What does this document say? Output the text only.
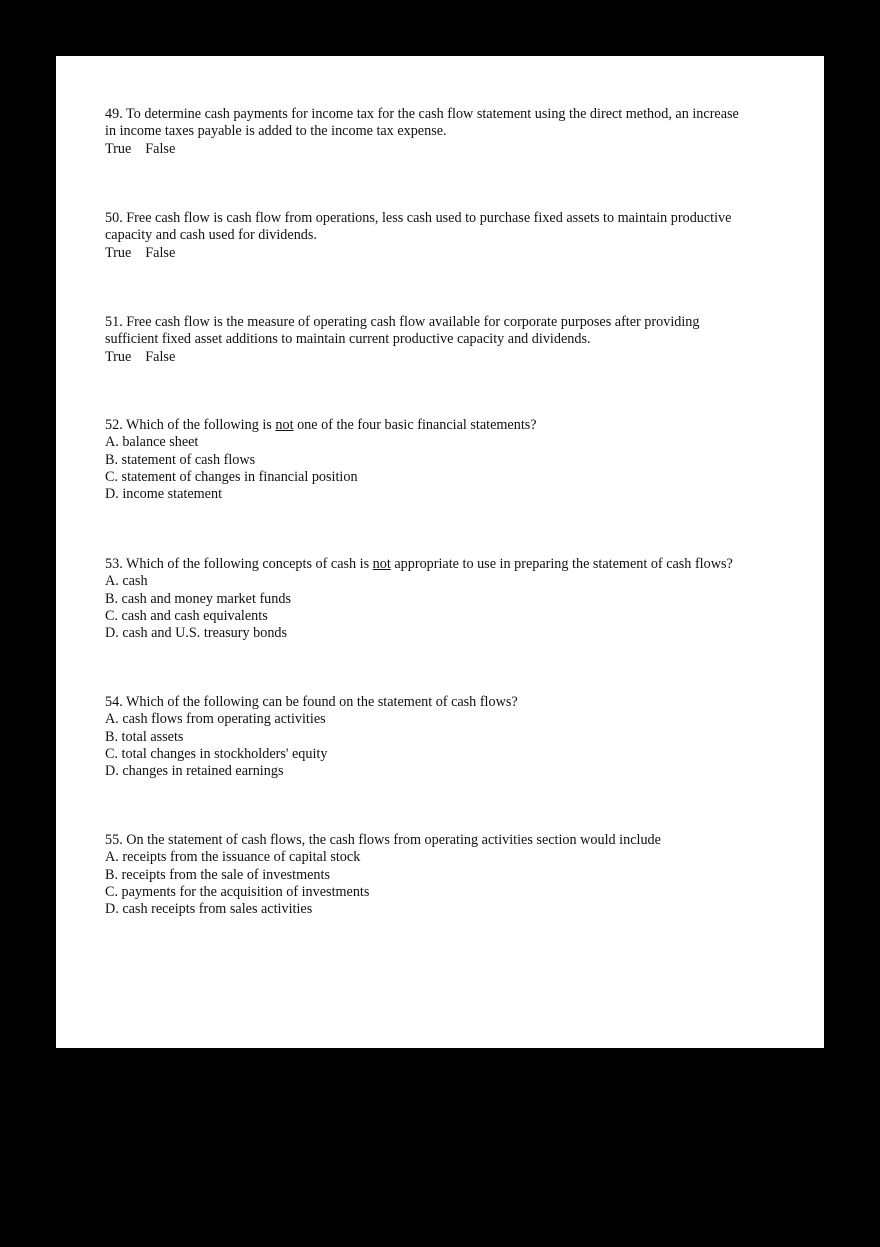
49. To determine cash payments for income tax for the cash flow statement using the direct method, an increase
in income taxes payable is added to the income tax expense.
True False
50. Free cash flow is cash flow from operations, less cash used to purchase fixed assets to maintain productive
capacity and cash used for dividends.
True False
51. Free cash flow is the measure of operating cash flow available for corporate purposes after providing
sufficient fixed asset additions to maintain current productive capacity and dividends.
True False
52. Which of the following is not one of the four basic financial statements?
A. balance sheet
B. statement of cash flows
C. statement of changes in financial position
D. income statement
53. Which of the following concepts of cash is not appropriate to use in preparing the statement of cash flows?
A. cash
B. cash and money market funds
C. cash and cash equivalents
D. cash and U.S. treasury bonds
54. Which of the following can be found on the statement of cash flows?
A. cash flows from operating activities
B. total assets
C. total changes in stockholders' equity
D. changes in retained earnings
55. On the statement of cash flows, the cash flows from operating activities section would include
A. receipts from the issuance of capital stock
B. receipts from the sale of investments
C. payments for the acquisition of investments
D. cash receipts from sales activities
